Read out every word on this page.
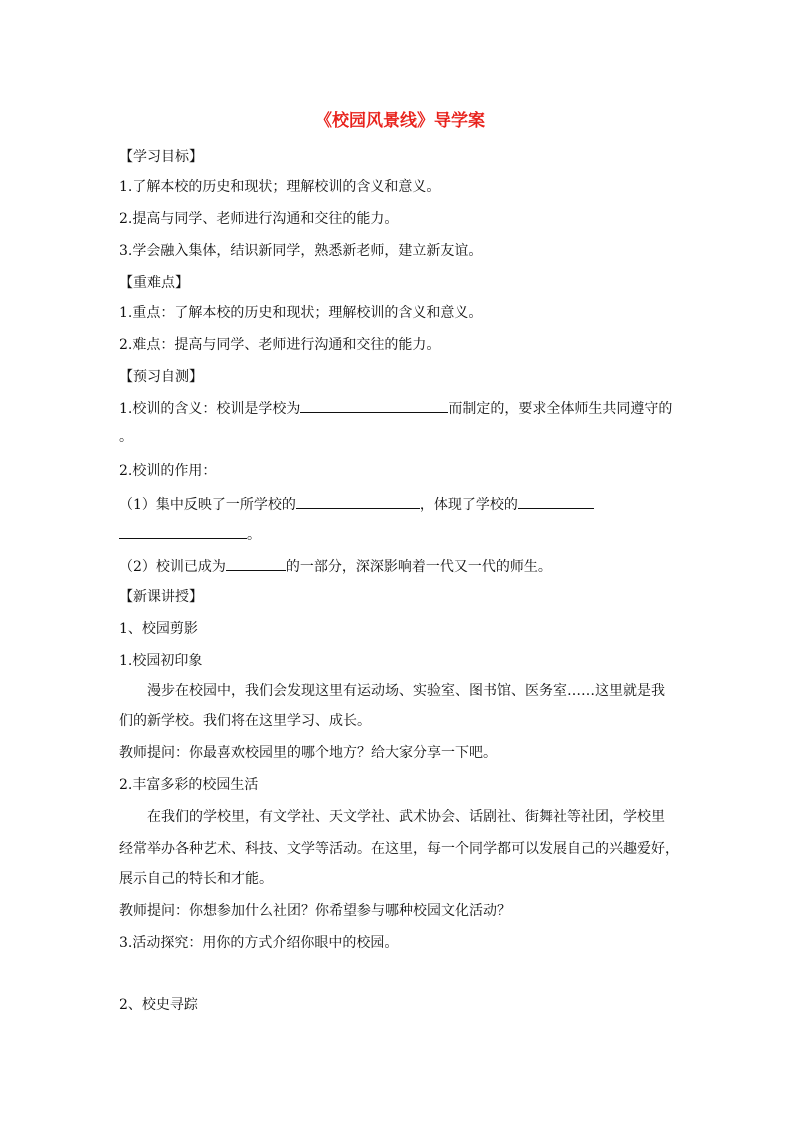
《校园风景线》导学案
【学习目标】
1.了解本校的历史和现状；理解校训的含义和意义。
2.提高与同学、老师进行沟通和交往的能力。
3.学会融入集体，结识新同学，熟悉新老师，建立新友谊。
【重难点】
1.重点：了解本校的历史和现状；理解校训的含义和意义。
2.难点：提高与同学、老师进行沟通和交往的能力。
【预习自测】
1.校训的含义：校训是学校为	而制定的，要求全体师生共同遵守的
。
2.校训的作用：
（1）集中反映了一所学校的	，体现了学校的
。
（2）校训已成为	的一部分，深深影响着一代又一代的师生。
【新课讲授】
1、校园剪影
1.校园初印象
漫步在校园中，我们会发现这里有运动场、实验室、图书馆、医务室……这里就是我
们的新学校。我们将在这里学习、成长。
教师提问：你最喜欢校园里的哪个地方？给大家分享一下吧。
2.丰富多彩的校园生活
在我们的学校里，有文学社、天文学社、武术协会、话剧社、街舞社等社团，学校里
经常举办各种艺术、科技、文学等活动。在这里，每一个同学都可以发展自己的兴趣爱好，
展示自己的特长和才能。
教师提问：你想参加什么社团？你希望参与哪种校园文化活动？
3.活动探究：用你的方式介绍你眼中的校园。
2、校史寻踪
